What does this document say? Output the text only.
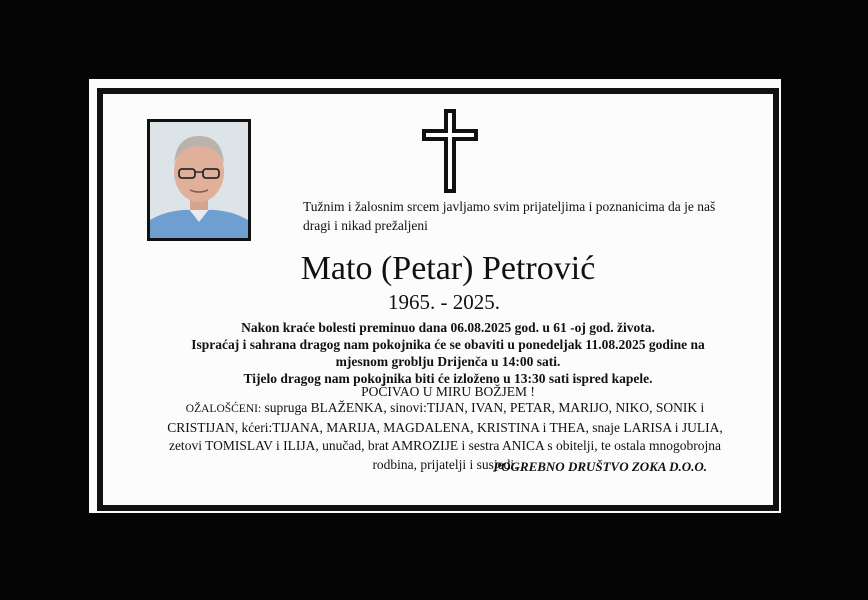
Tužnim i žalosnim srcem javljamo svim prijateljima i poznanicima da je naš dragi i nikad prežaljeni
Mato (Petar) Petrović
1965. - 2025.
Nakon kraće bolesti preminuo dana 06.08.2025 god. u 61 -oj god. života.
Ispraćaj i sahrana dragog nam pokojnika će se obaviti u ponedeljak 11.08.2025 godine na
mjesnom groblju Drijenča u 14:00 sati.
Tijelo dragog nam pokojnika biti će izloženo u 13:30 sati ispred kapele.
POČIVAO U MIRU BOŽJEM !
OŽALOŠĆENI: supruga BLAŽENKA, sinovi:TIJAN, IVAN, PETAR, MARIJO, NIKO, SONIK i CRISTIJAN, kćeri:TIJANA, MARIJA, MAGDALENA, KRISTINA i THEA, snaje LARISA i JULIA, zetovi TOMISLAV i ILIJA, unučad, brat AMROZIJE i sestra ANICA s obitelji, te ostala mnogobrojna rodbina, prijatelji i susjedi.
POGREBNO DRUŠTVO ZOKA D.O.O.
